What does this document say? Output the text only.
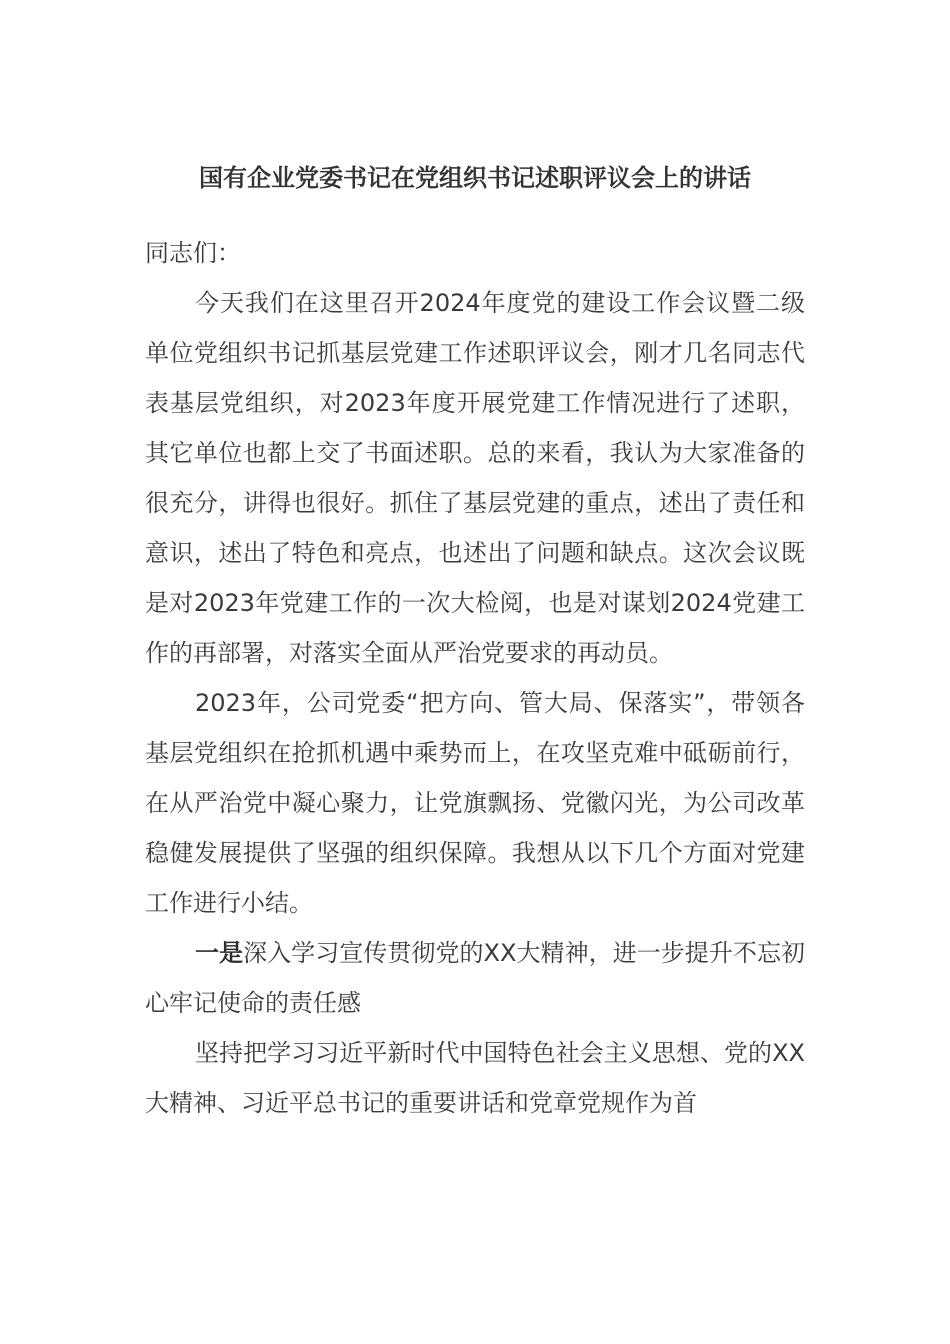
国有企业党委书记在党组织书记述职评议会上的讲话

同志们：

今天我们在这里召开2024年度党的建设工作会议暨二级单位党组织书记抓基层党建工作述职评议会，刚才几名同志代表基层党组织，对2023年度开展党建工作情况进行了述职，其它单位也都上交了书面述职。总的来看，我认为大家准备的很充分，讲得也很好。抓住了基层党建的重点，述出了责任和意识，述出了特色和亮点，也述出了问题和缺点。这次会议既是对2023年党建工作的一次大检阅，也是对谋划2024党建工作的再部署，对落实全面从严治党要求的再动员。

2023年，公司党委“把方向、管大局、保落实”，带领各基层党组织在抢抓机遇中乘势而上，在攻坚克难中砥砺前行，在从严治党中凝心聚力，让党旗飘扬、党徽闪光，为公司改革稳健发展提供了坚强的组织保障。我想从以下几个方面对党建工作进行小结。

一是深入学习宣传贯彻党的XX大精神，进一步提升不忘初心牢记使命的责任感

坚持把学习习近平新时代中国特色社会主义思想、党的XX大精神、习近平总书记的重要讲话和党章党规作为首
